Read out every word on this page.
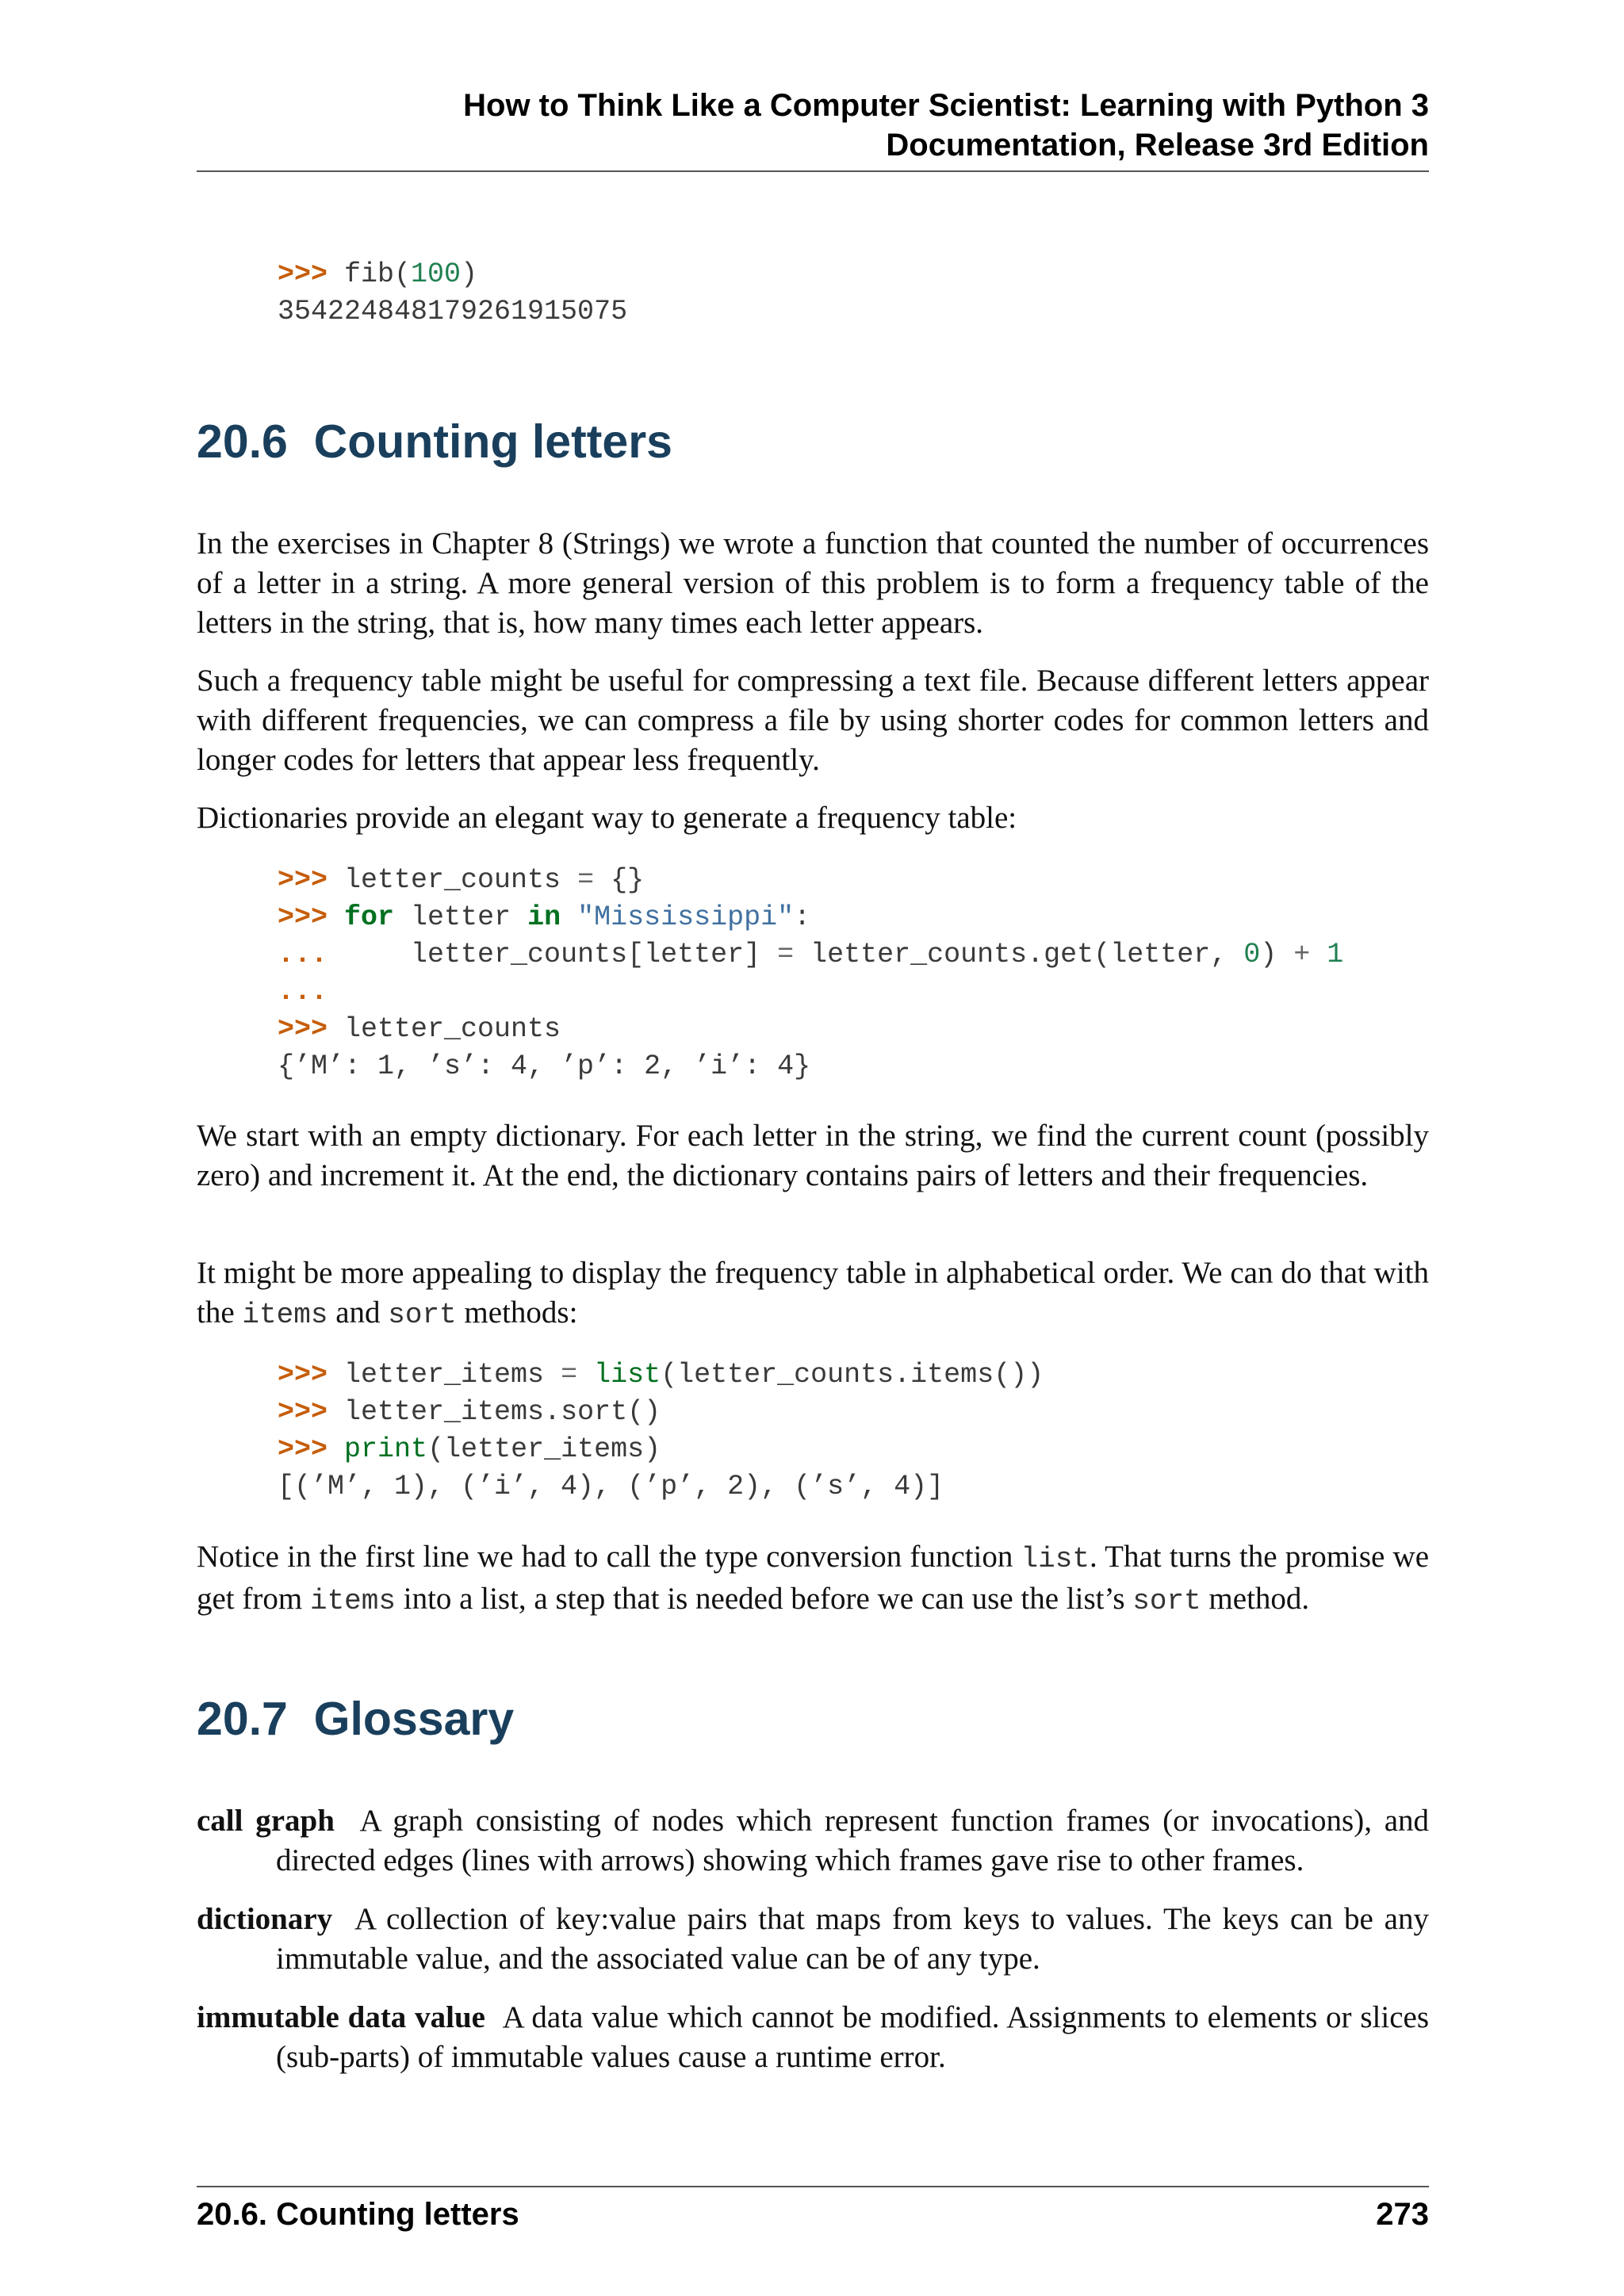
How to Think Like a Computer Scientist: Learning with Python 3
Documentation, Release 3rd Edition
>>> fib(100)
354224848179261915075
20.6 Counting letters

In the exercises in Chapter 8 (Strings) we wrote a function that counted the number of occurrences of a letter in a string. A more general version of this problem is to form a frequency table of the letters in the string, that is, how many times each letter appears.

Such a frequency table might be useful for compressing a text file. Because different letters appear with different frequencies, we can compress a file by using shorter codes for common letters and longer codes for letters that appear less frequently.

Dictionaries provide an elegant way to generate a frequency table:

>>> letter_counts = {}
>>> for letter in "Mississippi":
...     letter_counts[letter] = letter_counts.get(letter, 0) + 1
...
>>> letter_counts
{’M’: 1, ’s’: 4, ’p’: 2, ’i’: 4}

We start with an empty dictionary. For each letter in the string, we find the current count (possibly zero) and increment it. At the end, the dictionary contains pairs of letters and their frequencies.

It might be more appealing to display the frequency table in alphabetical order. We can do that with the items and sort methods:

>>> letter_items = list(letter_counts.items())
>>> letter_items.sort()
>>> print(letter_items)
[(’M’, 1), (’i’, 4), (’p’, 2), (’s’, 4)]

Notice in the first line we had to call the type conversion function list. That turns the promise we get from items into a list, a step that is needed before we can use the list’s sort method.

20.7 Glossary

call graph A graph consisting of nodes which represent function frames (or invocations), and directed edges (lines with arrows) showing which frames gave rise to other frames.

dictionary A collection of key:value pairs that maps from keys to values. The keys can be any immutable value, and the associated value can be of any type.

immutable data value A data value which cannot be modified. Assignments to elements or slices (sub-parts) of immutable values cause a runtime error.

20.6. Counting letters	273
